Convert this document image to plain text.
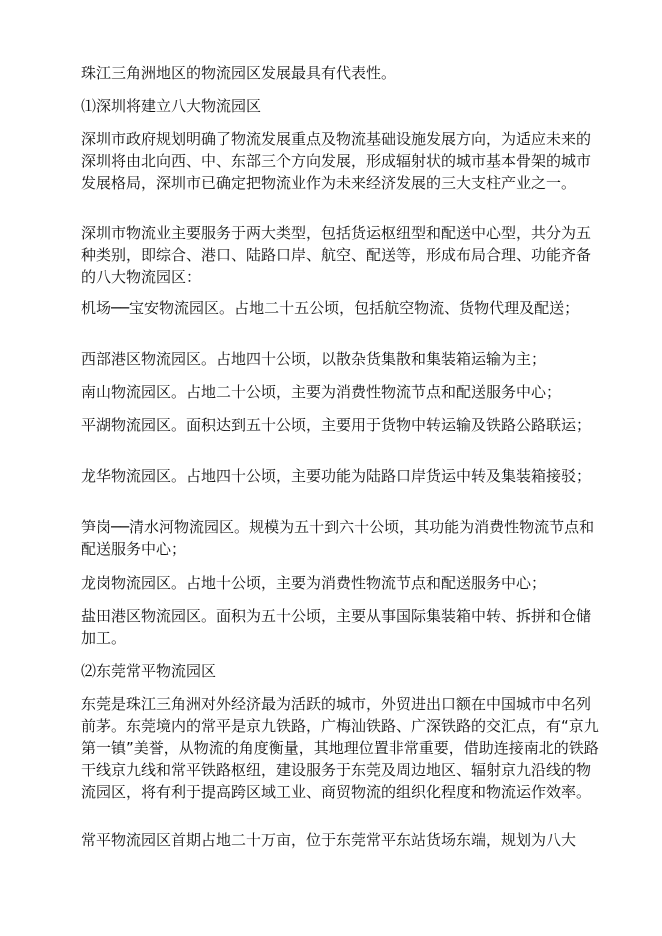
珠江三角洲地区的物流园区发展最具有代表性。

⑴深圳将建立八大物流园区

深圳市政府规划明确了物流发展重点及物流基础设施发展方向，为适应未来的深圳将由北向西、中、东部三个方向发展，形成辐射状的城市基本骨架的城市发展格局，深圳市已确定把物流业作为未来经济发展的三大支柱产业之一。

深圳市物流业主要服务于两大类型，包括货运枢纽型和配送中心型，共分为五种类别，即综合、港口、陆路口岸、航空、配送等，形成布局合理、功能齐备的八大物流园区：

机场──宝安物流园区。占地二十五公顷，包括航空物流、货物代理及配送；

西部港区物流园区。占地四十公顷，以散杂货集散和集装箱运输为主；

南山物流园区。占地二十公顷，主要为消费性物流节点和配送服务中心；

平湖物流园区。面积达到五十公顷，主要用于货物中转运输及铁路公路联运；

龙华物流园区。占地四十公顷，主要功能为陆路口岸货运中转及集装箱接驳；

笋岗──清水河物流园区。规模为五十到六十公顷，其功能为消费性物流节点和配送服务中心；

龙岗物流园区。占地十公顷，主要为消费性物流节点和配送服务中心；

盐田港区物流园区。面积为五十公顷，主要从事国际集装箱中转、拆拼和仓储加工。

⑵东莞常平物流园区

东莞是珠江三角洲对外经济最为活跃的城市，外贸进出口额在中国城市中名列前茅。东莞境内的常平是京九铁路，广梅汕铁路、广深铁路的交汇点，有“京九第一镇”美誉，从物流的角度衡量，其地理位置非常重要，借助连接南北的铁路干线京九线和常平铁路枢纽，建设服务于东莞及周边地区、辐射京九沿线的物流园区，将有利于提高跨区域工业、商贸物流的组织化程度和物流运作效率。

常平物流园区首期占地二十万亩，位于东莞常平东站货场东端，规划为八大
